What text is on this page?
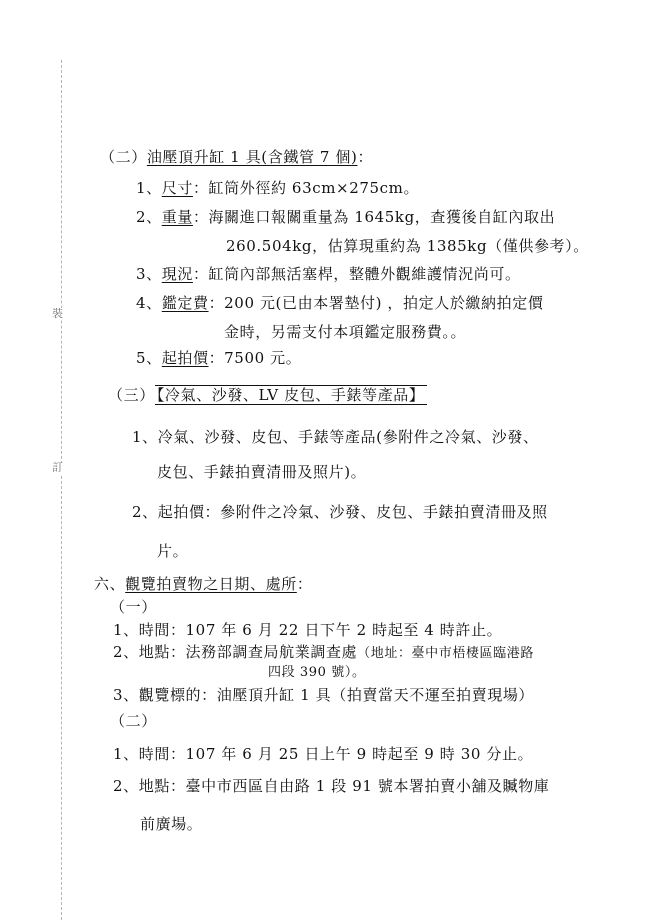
裝
訂
（二）油壓頂升缸 1 具(含鐵管 7 個)：
1、尺寸：缸筒外徑約 63cm×275cm。
2、重量：海關進口報關重量為 1645kg，查獲後自缸內取出
260.504kg，估算現重約為 1385kg（僅供參考）。
3、現況：缸筒內部無活塞桿，整體外觀維護情況尚可。
4、鑑定費：200 元(已由本署墊付) ，拍定人於繳納拍定價
金時，另需支付本項鑑定服務費。。
5、起拍價：7500 元。
（三） 【冷氣、沙發、LV 皮包、手錶等產品】
1、冷氣、沙發、皮包、手錶等產品(參附件之冷氣、沙發、
皮包、手錶拍賣清冊及照片)。
2、起拍價：參附件之冷氣、沙發、皮包、手錶拍賣清冊及照
片。
六、觀覽拍賣物之日期、處所：
（一）
1、時間：107 年 6 月 22 日下午 2 時起至 4 時許止。
2、地點：法務部調查局航業調查處（地址：臺中市梧棲區臨港路
四段 390 號）。
3、觀覽標的：油壓頂升缸 1 具（拍賣當天不運至拍賣現場）
（二）
1、時間：107 年 6 月 25 日上午 9 時起至 9 時 30 分止。
2、地點：臺中市西區自由路 1 段 91 號本署拍賣小舖及贓物庫
前廣場。
